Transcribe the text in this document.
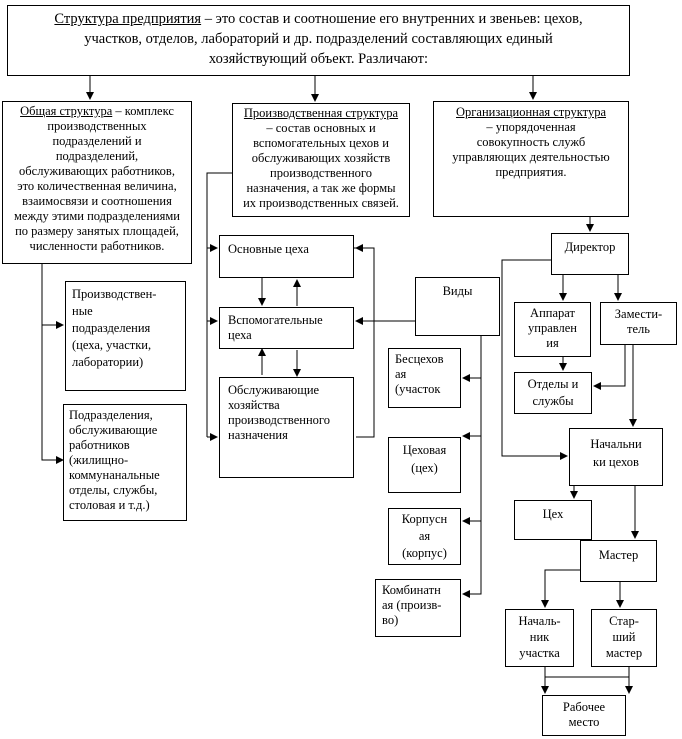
Структура предприятия – это состав и соотношение его внутренних и звеньев: цехов,
участков, отделов, лабораторий и др. подразделений составляющих единый
хозяйствующий объект. Различают:
Общая структура – комплекс
производственных
подразделений и
подразделений,
обслуживающих работников,
это количественная величина,
взаимосвязи и соотношения
между этими подразделениями
по размеру занятых площадей,
численности работников.
Производствен-
ные
подразделения
(цеха, участки,
лаборатории)
Подразделения,
обслуживающие
работников
(жилищно-
коммунанальные
отделы, службы,
столовая и т.д.)
Производственная структура
– состав основных и
вспомогательных цехов и
обслуживающих хозяйств
производственного
назначения, а так же формы
их производственных связей.
Основные цеха
Вспомогательные
цеха
Обслуживающие
хозяйства
производственного
назначения
Виды
Бесцехов
ая
(участок
Цеховая
(цех)
Корпусн
ая
(корпус)
Комбинатн
ая (произв-
во)
Организационная структура
– упорядоченная
совокупность служб
управляющих деятельностью
предприятия.
Директор
Аппарат
управлен
ия
Замести-
тель
Отделы и
службы
Начальни
ки цехов
Цех
Мастер
Началь-
ник
участка
Стар-
ший
мастер
Рабочее
место
